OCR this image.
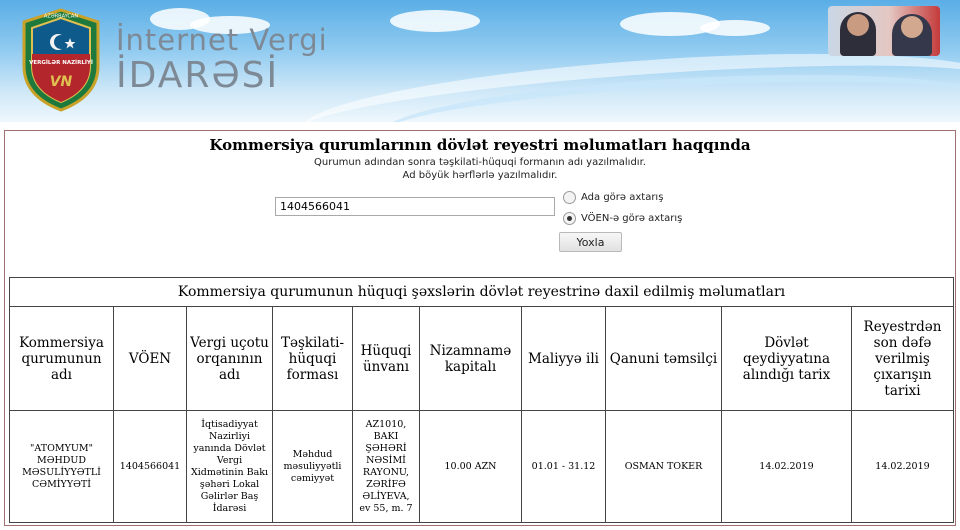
AZƏRBAYCAN
VERGİLƏR NAZİRLİYİ
VN
İnternet Vergi
İDARƏSİ
Kommersiya qurumlarının dövlət reyestri məlumatları haqqında
Qurumun adından sonra təşkilati-hüquqi formanın adı yazılmalıdır.
Ad böyük hərflərlə yazılmalıdır.
1404566041
Ada görə axtarış
VÖEN-ə görə axtarış
Yoxla
Kommersiya qurumunun hüquqi şəxslərin dövlət reyestrinə daxil edilmiş məlumatları									
Kommersiya qurumunun adı	VÖEN	Vergi uçotu orqanının adı	Təşkilati-hüquqi forması	Hüquqi ünvanı	Nizamnamə kapitalı	Maliyyə ili	Qanuni təmsilçi	Dövlət qeydiyyatına alındığı tarix	Reyestrdən son dəfə verilmiş çıxarışın tarixi
"ATOMYUM" MƏHDUD MƏSULİYYƏTLİ CƏMİYYƏTİ	1404566041	İqtisadiyyat Nazirliyi yanında Dövlət Vergi Xidmətinin Bakı şəhəri Lokal Gəlirlər Baş İdarəsi	Məhdud məsuliyyətli cəmiyyət	AZ1010, BAKI ŞƏHƏRİ NƏSİMİ RAYONU, ZƏRİFƏ ƏLİYEVA, ev 55, m. 7	10.00 AZN	01.01 - 31.12	OSMAN TOKER	14.02.2019	14.02.2019
